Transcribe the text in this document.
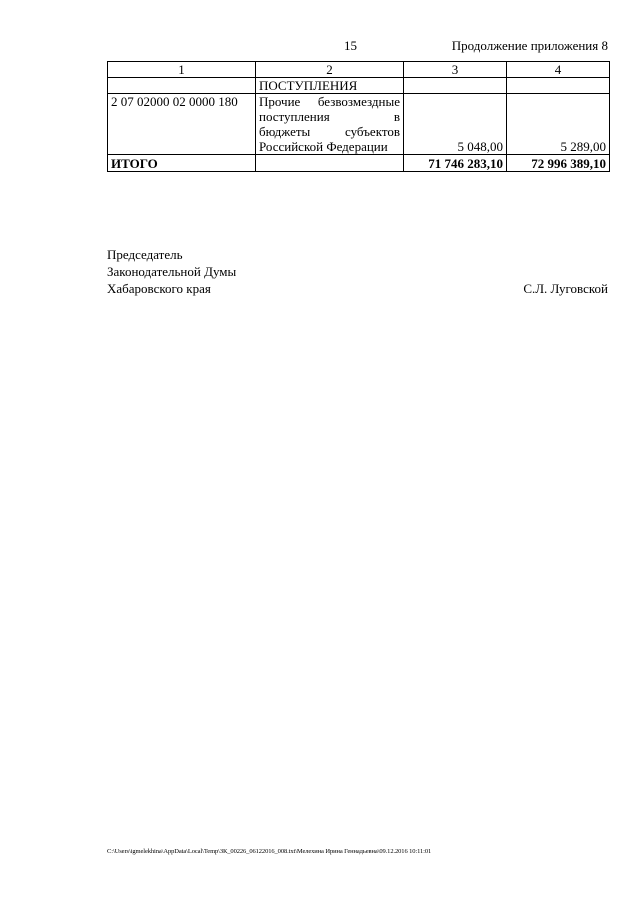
15	Продолжение приложения 8
1	2	3	4
	ПОСТУПЛЕНИЯ		
2 07 02000 02 0000 180	Прочие безвозмездные
поступления в
бюджеты субъектов
Российской Федерации	5 048,00	5 289,00
ИТОГО		71 746 283,10	72 996 389,10
Председатель
Законодательной Думы
Хабаровского края	С.Л. Луговской
C:\Users\igmelekhina\AppData\Local\Temp\ЗК_00226_06122016_008.txt\Мелехина Ирина Геннадьевна\09.12.2016 10:11:01
